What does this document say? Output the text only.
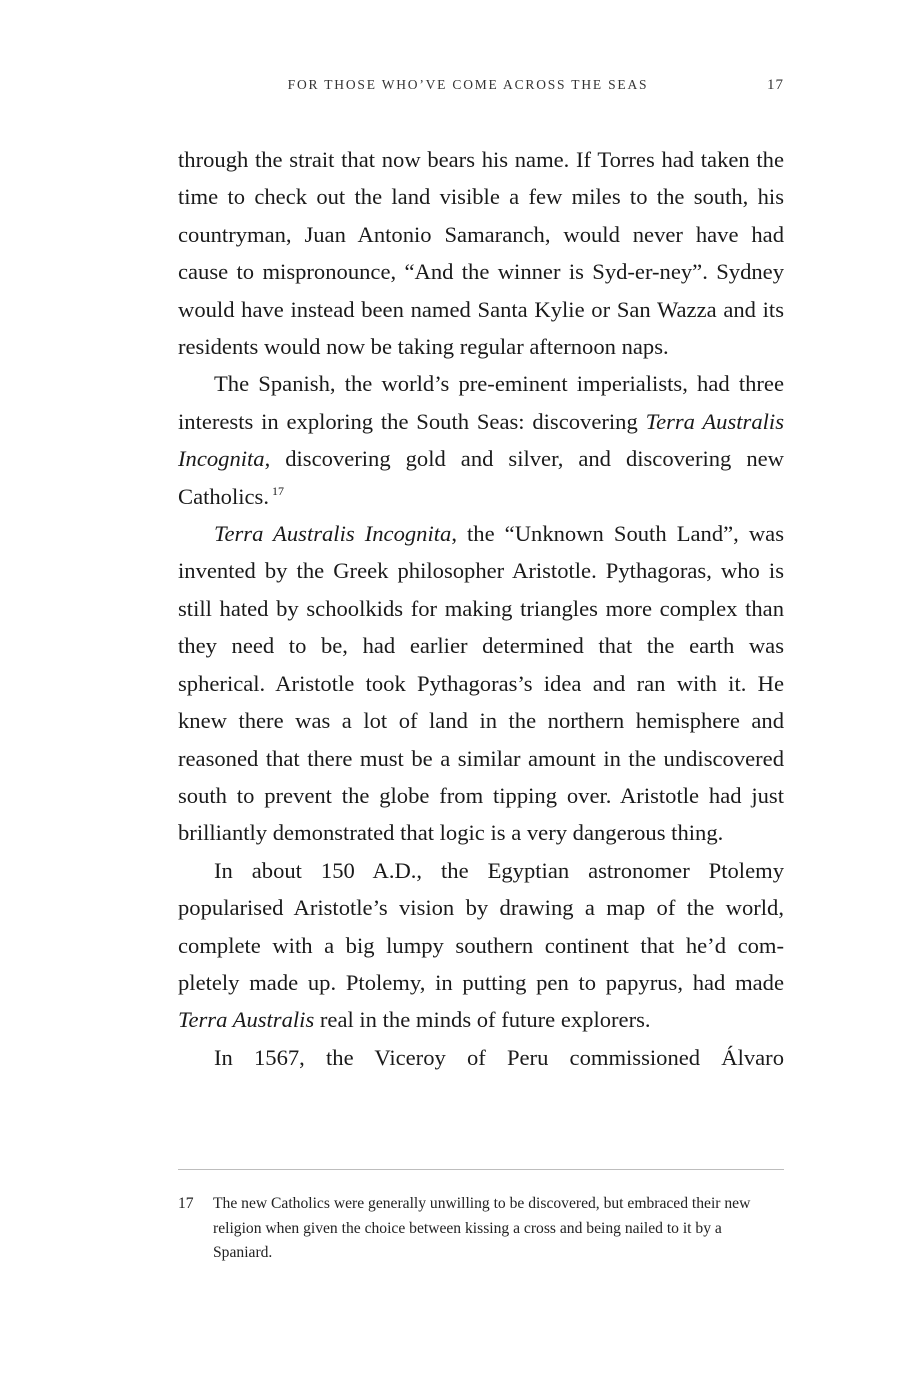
FOR THOSE WHO’VE COME ACROSS THE SEAS	17

through the strait that now bears his name. If Torres had taken the time to check out the land visible a few miles to the south, his countryman, Juan Antonio Samaranch, would never have had cause to mispronounce, “And the winner is Syd-er-ney”. Sydney would have instead been named Santa Kylie or San Wazza and its residents would now be taking regular afternoon naps.

The Spanish, the world’s pre-eminent imperialists, had three interests in exploring the South Seas: discovering Terra Australis Incognita, discovering gold and silver, and discovering new Catholics. $^{17}$

Terra Australis Incognita, the “Unknown South Land”, was invented by the Greek philosopher Aristotle. Pythagoras, who is still hated by schoolkids for making triangles more complex than they need to be, had earlier determined that the earth was spherical. Aristotle took Pythagoras’s idea and ran with it. He knew there was a lot of land in the northern hemisphere and reasoned that there must be a similar amount in the undiscovered south to prevent the globe from tipping over. Aristotle had just brilliantly demonstrated that logic is a very dangerous thing.

In about 150 A.D., the Egyptian astronomer Ptolemy popularised Aristotle’s vision by drawing a map of the world, complete with a big lumpy southern continent that he’d completely made up. Ptolemy, in putting pen to papyrus, had made Terra Australis real in the minds of future explorers.

In 1567, the Viceroy of Peru commissioned Álvaro

17	The new Catholics were generally unwilling to be discovered, but embraced their new religion when given the choice between kissing a cross and being nailed to it by a Spaniard.
